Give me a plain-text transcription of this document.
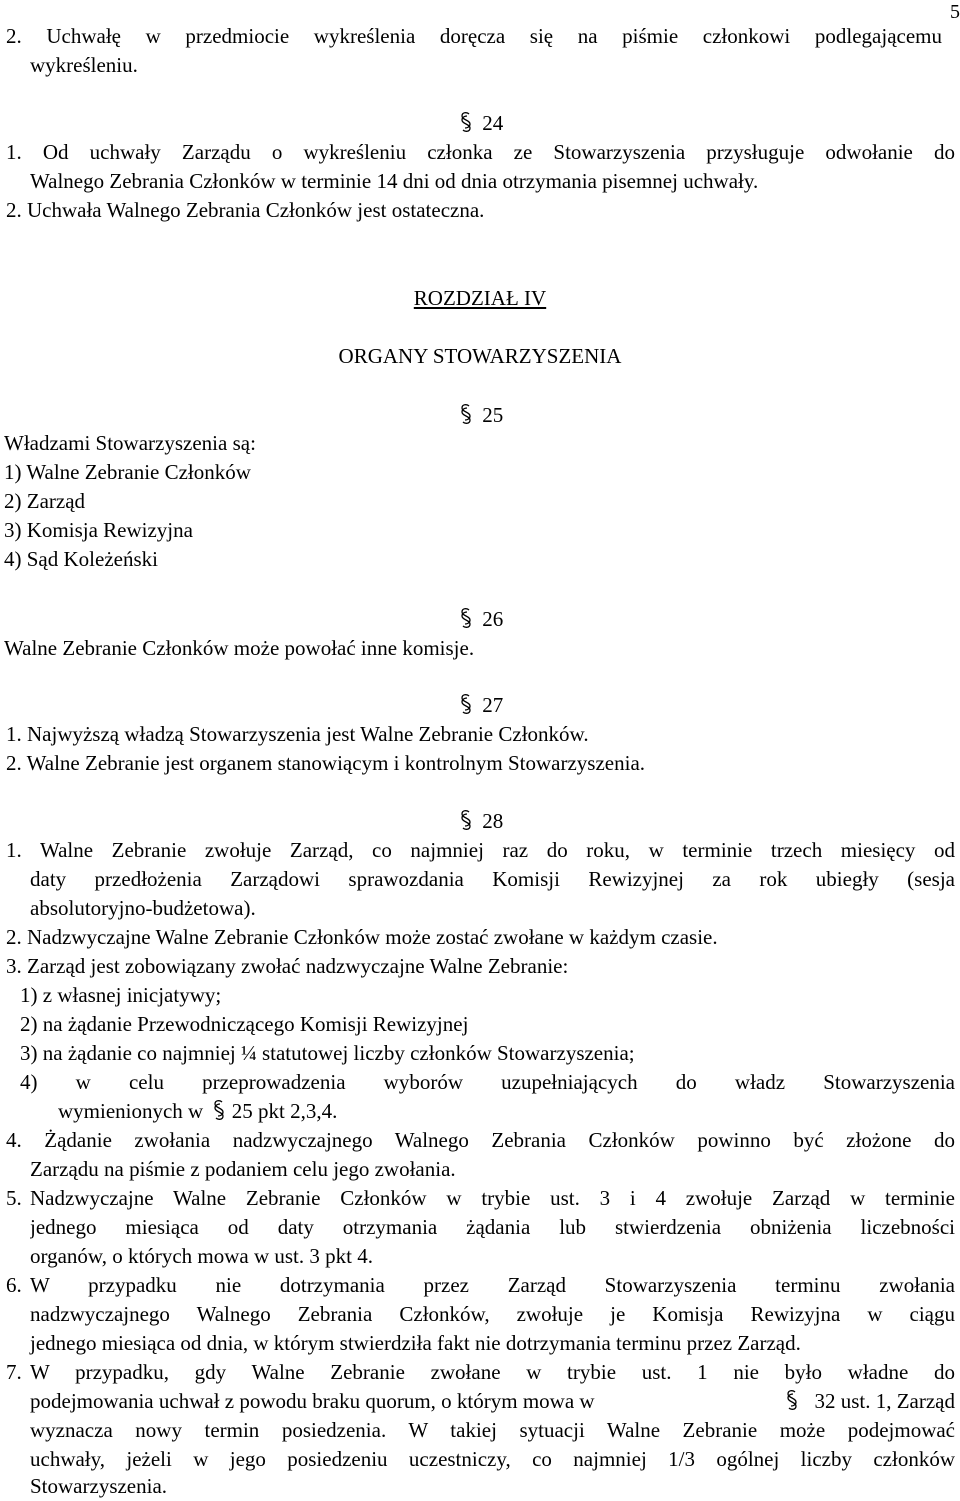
5
2. Uchwałę w przedmiocie wykreślenia doręcza się na piśmie członkowi podlegającemu
wykreśleniu.
24
1. Od uchwały Zarządu o wykreśleniu członka ze Stowarzyszenia przysługuje odwołanie do
Walnego Zebrania Członków w terminie 14 dni od dnia otrzymania pisemnej uchwały.
2. Uchwała Walnego Zebrania Członków jest ostateczna.
ROZDZIAŁ IV
ORGANY STOWARZYSZENIA
25
Władzami Stowarzyszenia są:
1) Walne Zebranie Członków
2) Zarząd
3) Komisja Rewizyjna
4) Sąd Koleżeński
26
Walne Zebranie Członków może powołać inne komisje.
27
1. Najwyższą władzą Stowarzyszenia jest Walne Zebranie Członków.
2. Walne Zebranie jest organem stanowiącym i kontrolnym Stowarzyszenia.
28
1. Walne Zebranie zwołuje Zarząd, co najmniej raz do roku, w terminie trzech miesięcy od
daty przedłożenia Zarządowi sprawozdania Komisji Rewizyjnej za rok ubiegły (sesja
absolutoryjno-budżetowa).
2. Nadzwyczajne Walne Zebranie Członków może zostać zwołane w każdym czasie.
3. Zarząd jest zobowiązany zwołać nadzwyczajne Walne Zebranie:
1) z własnej inicjatywy;
2) na żądanie Przewodniczącego Komisji Rewizyjnej
3) na żądanie co najmniej ¼ statutowej liczby członków Stowarzyszenia;
4) w celu przeprowadzenia wyborów uzupełniających do władz Stowarzyszenia
wymienionych w 25 pkt 2,3,4.
4. Żądanie zwołania nadzwyczajnego Walnego Zebrania Członków powinno być złożone do
Zarządu na piśmie z podaniem celu jego zwołania.
5. Nadzwyczajne Walne Zebranie Członków w trybie ust. 3 i 4 zwołuje Zarząd w terminie
jednego miesiąca od daty otrzymania żądania lub stwierdzenia obniżenia liczebności
organów, o których mowa w ust. 3 pkt 4.
6. W przypadku nie dotrzymania przez Zarząd Stowarzyszenia terminu zwołania
nadzwyczajnego Walnego Zebrania Członków, zwołuje je Komisja Rewizyjna w ciągu
jednego miesiąca od dnia, w którym stwierdziła fakt nie dotrzymania terminu przez Zarząd.
7. W przypadku, gdy Walne Zebranie zwołane w trybie ust. 1 nie było władne do
podejmowania uchwał z powodu braku quorum, o którym mowa w	32 ust. 1, Zarząd
wyznacza nowy termin posiedzenia. W takiej sytuacji Walne Zebranie może podejmować
uchwały, jeżeli w jego posiedzeniu uczestniczy, co najmniej 1/3 ogólnej liczby członków
Stowarzyszenia.
